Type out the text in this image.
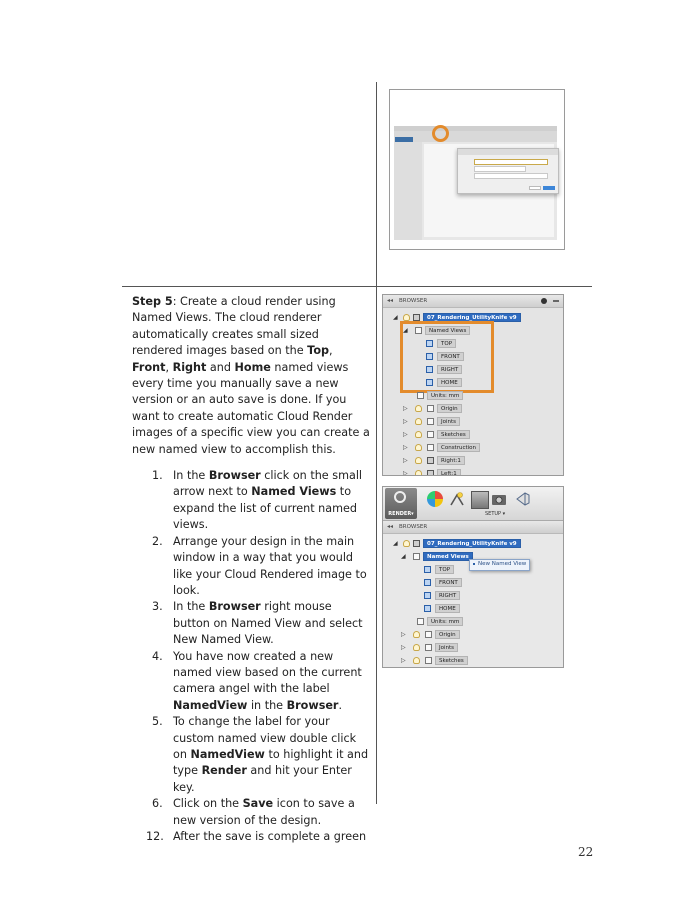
Step 5: Create a cloud render using Named Views. The cloud renderer automatically creates small sized rendered images based on the Top, Front, Right and Home named views every time you manually save a new version or an auto save is done. If you want to create automatic Cloud Render images of a specific view you can create a new named view to accomplish this.

1. In the Browser click on the small arrow next to Named Views to expand the list of current named views.
2. Arrange your design in the main window in a way that you would like your Cloud Rendered image to look.
3. In the Browser right mouse button on Named View and select New Named View.
4. You have now created a new named view based on the current camera angel with the label NamedView in the Browser.
5. To change the label for your custom named view double click on NamedView to highlight it and type Render and hit your Enter key.
6. Click on the Save icon to save a new version of the design.
12. After the save is complete a green
◂◂ BROWSER
◢	07_Rendering_UtilityKnife v9
◢	Named Views
TOP
FRONT
RIGHT
HOME
Units: mm
▷	Origin
▷	Joints
▷	Sketches
▷	Construction
▷	Right:1
▷	Left:1
RENDER▾	SETUP ▾
◂◂ BROWSER
◢	07_Rendering_UtilityKnife v9
◢	Named Views
New Named View
TOP
FRONT
RIGHT
HOME
Units: mm
▷	Origin
▷	Joints
▷	Sketches
22
